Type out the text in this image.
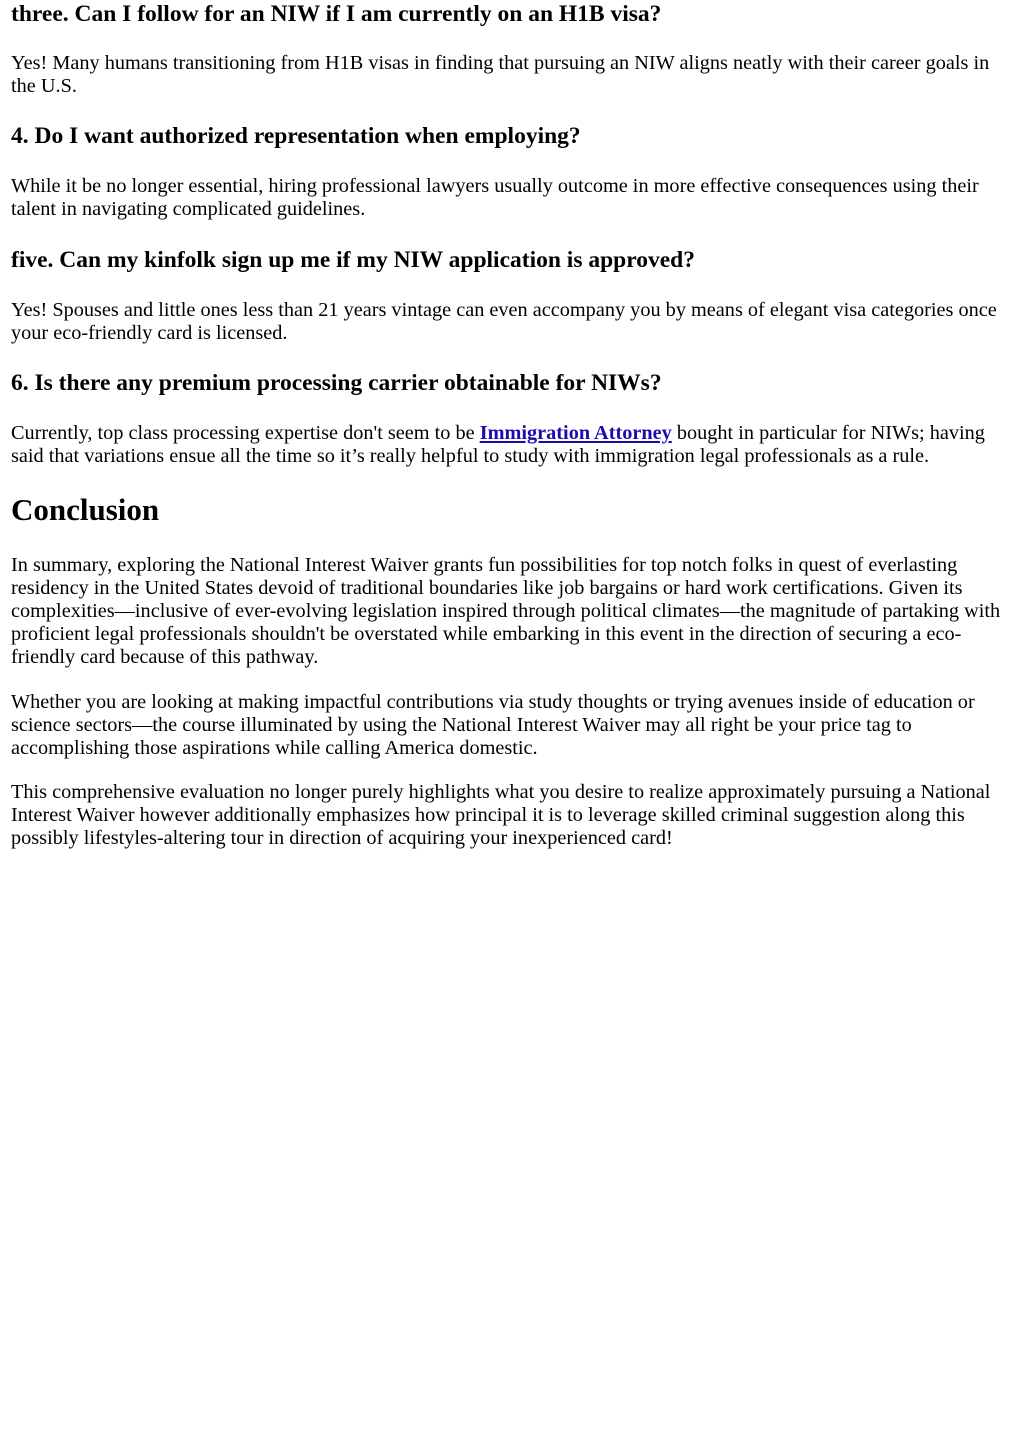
three. Can I follow for an NIW if I am currently on an H1B visa?

Yes! Many humans transitioning from H1B visas in finding that pursuing an NIW aligns neatly with their career goals in the U.S.

4. Do I want authorized representation when employing?

While it be no longer essential, hiring professional lawyers usually outcome in more effective consequences using their talent in navigating complicated guidelines.

five. Can my kinfolk sign up me if my NIW application is approved?

Yes! Spouses and little ones less than 21 years vintage can even accompany you by means of elegant visa categories once your eco-friendly card is licensed.

6. Is there any premium processing carrier obtainable for NIWs?

Currently, top class processing expertise don't seem to be Immigration Attorney bought in particular for NIWs; having said that variations ensue all the time so it’s really helpful to study with immigration legal professionals as a rule.

Conclusion

In summary, exploring the National Interest Waiver grants fun possibilities for top notch folks in quest of everlasting residency in the United States devoid of traditional boundaries like job bargains or hard work certifications. Given its complexities—inclusive of ever-evolving legislation inspired through political climates—the magnitude of partaking with proficient legal professionals shouldn't be overstated while embarking in this event in the direction of securing a eco-friendly card because of this pathway.

Whether you are looking at making impactful contributions via study thoughts or trying avenues inside of education or science sectors—the course illuminated by using the National Interest Waiver may all right be your price tag to accomplishing those aspirations while calling America domestic.

This comprehensive evaluation no longer purely highlights what you desire to realize approximately pursuing a National Interest Waiver however additionally emphasizes how principal it is to leverage skilled criminal suggestion along this possibly lifestyles-altering tour in direction of acquiring your inexperienced card!
